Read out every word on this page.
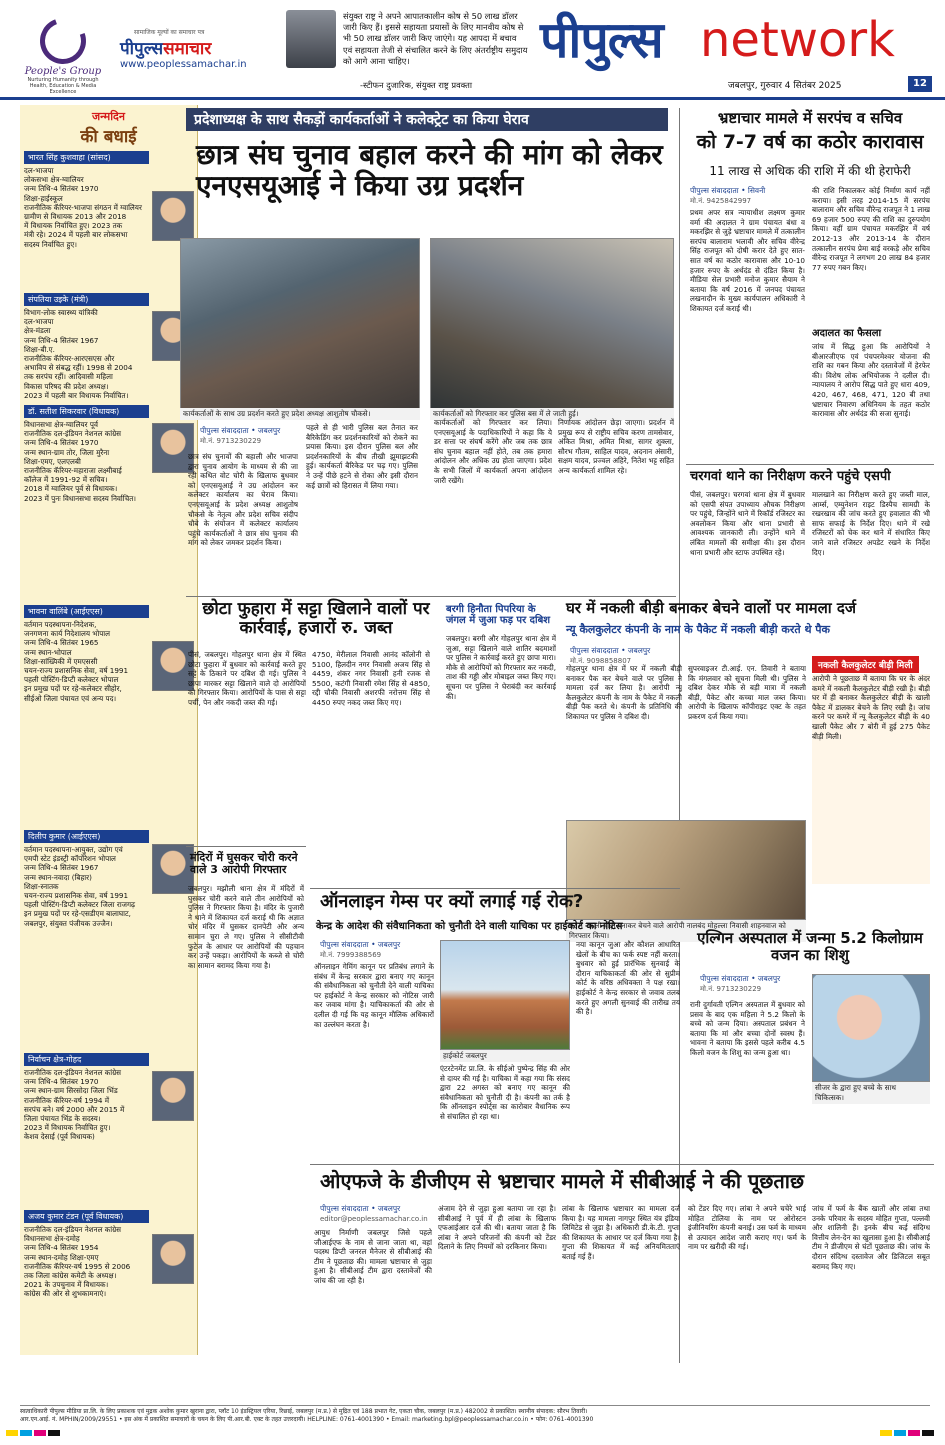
People's Group
Nurturing Humanity through Health, Education & Media Excellence
सामाजिक मूल्यों का समाचार पत्र
पीपुल्ससमाचार
www.peoplessamachar.in
संयुक्त राष्ट्र ने अपने आपातकालीन कोष से 50 लाख डॉलर जारी किए हैं। इससे सहायता प्रयासों के लिए मानवीय कोष से भी 50 लाख डॉलर जारी किए जाएंगे। यह आपदा में बचाव एवं सहायता तेजी से संचालित करने के लिए अंतर्राष्ट्रीय समुदाय को आगे आना चाहिए।
-स्टीफन दुजारिक, संयुक्त राष्ट्र प्रवक्ता
पीपुल्स network
जबलपुर, गुरुवार 4 सितंबर 2025	12
जन्मदिन
की बधाई
भारत सिंह कुशवाहा (सांसद)
दल-भाजपा
लोकसभा क्षेत्र-ग्वालियर
जन्म तिथि-4 सितंबर 1970
शिक्षा-हाईस्कूल
राजनीतिक कॅरियर-भाजपा संगठन में ग्वालियर
ग्रामीण से विधायक 2013 और 2018
में विधायक निर्वाचित हुए। 2023 तक
मंत्री रहे। 2024 में पहली बार लोकसभा
सदस्य निर्वाचित हुए।
संपतिया उइके (मंत्री)
विभाग-लोक स्वास्थ्य यांत्रिकी
दल-भाजपा
क्षेत्र-मंडला
जन्म तिथि-4 सितंबर 1967
शिक्षा-बी.ए.
राजनीतिक कॅरियर-आरएसएस और
अभाविप से संबद्ध रहीं। 1998 से 2004
तक सरपंच रहीं। आदिवासी महिला
विकास परिषद की प्रदेश अध्यक्ष।
2023 में पहली बार विधायक निर्वाचित।
डॉ. सतीश सिकरवार (विधायक)
विधानसभा क्षेत्र-ग्वालियर पूर्व
राजनीतिक दल-इंडियन नेशनल कांग्रेस
जन्म तिथि-4 सितंबर 1970
जन्म स्थान-ग्राम तोर, जिला मुरैना
शिक्षा-एमए, एलएलबी
राजनीतिक कॅरियर-महाराजा लक्ष्मीबाई
कॉलेज में 1991-92 में सचिव।
2018 में ग्वालियर पूर्व से विधायक।
2023 में पुनः विधानसभा सदस्य निर्वाचित।
भावना वालिंबे (आईएएस)
वर्तमान पदस्थापना-निदेशक,
जनगणना कार्य निदेशालय भोपाल
जन्म तिथि-4 सितंबर 1965
जन्म स्थान-भोपाल
शिक्षा-सांख्यिकी में एमएससी
चयन-राज्य प्रशासनिक सेवा, वर्ष 1991
पहली पोस्टिंग-डिप्टी कलेक्टर भोपाल
इन प्रमुख पदों पर रहे-कलेक्टर सीहोर,
सीईओ जिला पंचायत एवं अन्य पद।
दिलीप कुमार (आईएएस)
वर्तमान पदस्थापना-आयुक्त, उद्योग एवं
एमपी स्टेट इंडस्ट्री कॉर्पोरेशन भोपाल
जन्म तिथि-4 सितंबर 1967
जन्म स्थान-नवादा (बिहार)
शिक्षा-स्नातक
चयन-राज्य प्रशासनिक सेवा, वर्ष 1991
पहली पोस्टिंग-डिप्टी कलेक्टर जिला राजगढ़
इन प्रमुख पदों पर रहे-एसडीएम बालाघाट,
जबलपुर, संयुक्त पंजीयक उज्जैन।
निर्वाचन क्षेत्र-गोहद
राजनीतिक दल-इंडियन नेशनल कांग्रेस
जन्म तिथि-4 सितंबर 1970
जन्म स्थान-ग्राम सिरसोदा जिला भिंड
राजनीतिक कॅरियर-वर्ष 1994 में
सरपंच बने। वर्ष 2000 और 2015 में
जिला पंचायत भिंड के सदस्य।
2023 में विधायक निर्वाचित हुए।
केशव देसाई (पूर्व विधायक)
अजय कुमार टंडन (पूर्व विधायक)
राजनीतिक दल-इंडियन नेशनल कांग्रेस
विधानसभा क्षेत्र-दमोह
जन्म तिथि-4 सितंबर 1954
जन्म स्थान-दमोह शिक्षा-एमए
राजनीतिक कॅरियर-वर्ष 1995 से 2006
तक जिला कांग्रेस कमेटी के अध्यक्ष।
2021 के उपचुनाव में विधायक।
कांग्रेस की ओर से शुभकामनाएं।
प्रदेशाध्यक्ष के साथ सैकड़ों कार्यकर्ताओं ने कलेक्ट्रेट का किया घेराव
छात्र संघ चुनाव बहाल करने की मांग को लेकर एनएसयूआई ने किया उग्र प्रदर्शन
कार्यकर्ताओं के साथ उग्र प्रदर्शन करते हुए प्रदेश अध्यक्ष आशुतोष चौकसे।	कार्यकर्ताओं को गिरफ्तार कर पुलिस बस में ले जाती हुई।
पीपुल्स संवाददाता • जबलपुर
मो.नं. 9713230229
छात्र संघ चुनावों की बहाली और भाजपा द्वारा चुनाव आयोग के माध्यम से की जा रही कथित वोट चोरी के खिलाफ बुधवार को एनएसयूआई ने उग्र आंदोलन कर कलेक्टर कार्यालय का घेराव किया। एनएसयूआई के प्रदेश अध्यक्ष आशुतोष चौकसे के नेतृत्व और प्रदेश सचिव संदीप चौबे के संयोजन में कलेक्टर कार्यालय पहुंचे कार्यकर्ताओं ने छात्र संघ चुनाव की मांग को लेकर जमकर प्रदर्शन किया।
पहले से ही भारी पुलिस बल तैनात कर बैरिकेडिंग कर प्रदर्शनकारियों को रोकने का प्रयास किया। इस दौरान पुलिस बल और प्रदर्शनकारियों के बीच तीखी झूमाझटकी हुई। कार्यकर्ता बैरिकेड पर चढ़ गए। पुलिस ने उन्हें पीछे हटने से रोका और इसी दौरान कई छात्रों को हिरासत में लिया गया।
कार्यकर्ताओं को गिरफ्तार कर लिया। एनएसयूआई के पदाधिकारियों ने कहा कि ये डर सत्ता पर संघर्ष करेंगे और जब तक छात्र संघ चुनाव बहाल नहीं होते, तब तक हमारा आंदोलन और अधिक उग्र होता जाएगा। प्रदेश के सभी जिलों में कार्यकर्ता अपना आंदोलन जारी रखेंगे।
निर्णायक आंदोलन छेड़ा जाएगा। प्रदर्शन में प्रमुख रूप से राष्ट्रीय सचिव करण तामसेवार, अंकित मिश्रा, अमित मिश्रा, सागर शुक्ला, सौरभ गौतम, साहिल यादव, अदनान अंसारी, सक्षम यादव, प्रज्वल अहिरे, नितेश भट्ट सहित अन्य कार्यकर्ता शामिल रहे।
भ्रष्टाचार मामले में सरपंच व सचिव
को 7-7 वर्ष का कठोर कारावास
11 लाख से अधिक की राशि में की थी हेराफेरी
पीपुल्स संवाददाता • सिवनी
मो.नं. 9425842997
प्रथम अपर सत्र न्यायाधीश लक्ष्मण कुमार वर्मा की अदालत ने ग्राम पंचायत बंधा व मकरझिर से जुड़े भ्रष्टाचार मामले में तत्कालीन सरपंच बालाराम भलावी और सचिव वीरेन्द्र सिंह राजपूत को दोषी करार देते हुए सात-सात वर्ष का कठोर कारावास और 10-10 हजार रुपए के अर्थदंड से दंडित किया है। मीडिया सेल प्रभारी मनोज कुमार सैयाम ने बताया कि वर्ष 2016 में जनपद पंचायत लखनादौन के मुख्य कार्यपालन अधिकारी ने शिकायत दर्ज कराई थी।
की राशि निकालकर कोई निर्माण कार्य नहीं कराया। इसी तरह 2014-15 में सरपंच बालाराम और सचिव वीरेन्द्र राजपूत ने 1 लाख 69 हजार 500 रुपए की राशि का दुरुपयोग किया। वहीं ग्राम पंचायत मकरझिर में वर्ष 2012-13 और 2013-14 के दौरान तत्कालीन सरपंच प्रेमा बाई वरकड़े और सचिव वीरेन्द्र राजपूत ने लगभग 20 लाख 84 हजार 77 रुपए गबन किए।
अदालत का फैसला
जांच में सिद्ध हुआ कि आरोपियों ने बीआरजीएफ एवं पंचपरमेश्वर योजना की राशि का गबन किया और दस्तावेजों में हेरफेर की। विशेष लोक अभियोजक ने दलील दी। न्यायालय ने आरोप सिद्ध पाते हुए धारा 409, 420, 467, 468, 471, 120 बी तथा भ्रष्टाचार निवारण अधिनियम के तहत कठोर कारावास और अर्थदंड की सजा सुनाई।
चरगवां थाने का निरीक्षण करने पहुंचे एसपी
पीसं, जबलपुर। चरगवां थाना क्षेत्र में बुधवार को एसपी संपत उपाध्याय औचक निरीक्षण पर पहुंचे, जिन्होंने थाने में रिकॉर्ड रजिस्टर का अवलोकन किया और थाना प्रभारी से आवश्यक जानकारी ली। उन्होंने थाने में लंबित मामलों की समीक्षा की। इस दौरान थाना प्रभारी और स्टाफ उपस्थित रहे।
मालखाने का निरीक्षण करते हुए जब्ती माल, आर्म्स, एम्युनेशन राइट डिस्पैच सामग्री के रखरखाव की जांच करते हुए हवालात की भी साफ सफाई के निर्देश दिए। थाने में रखे रजिस्टरों को चेक कर थाने में संधारित किए जाने वाले रजिस्टर अपडेट रखने के निर्देश दिए।
छोटा फुहारा में सट्टा खिलाने वालों पर कार्रवाई, हजारों रु. जब्त
पीसं, जबलपुर। गोहलपुर थाना क्षेत्र में स्थित छोटा फुहारा में बुधवार को कार्रवाई करते हुए सट्टे के ठिकाने पर दबिश दी गई। पुलिस ने छापा मारकर सट्टा खिलाने वाले दो आरोपियों को गिरफ्तार किया। आरोपियों के पास से सट्टा पर्ची, पेन और नकदी जब्त की गई।
4750, मेरीलाल निवासी आनंद कॉलोनी से 5100, हिलदीन नगर निवासी अजय सिंह से 4459, शंकर नगर निवासी हनी रजक से 5500, कटंगी निवासी रमेश सिंह से 4850, रद्दी चौकी निवासी अशरफी नरोत्तम सिंह से 4450 रुपए नकद जब्त किए गए।
बरगी हिनौता पिपरिया के जंगल में जुआ फड़ पर दबिश
जबलपुर। बरगी और गोहलपुर थाना क्षेत्र में जुआ, सट्टा खिलाने वाले शातिर बदमाशों पर पुलिस ने कार्रवाई करते हुए छापा मारा। मौके से आरोपियों को गिरफ्तार कर नकदी, ताश की गड्डी और मोबाइल जब्त किए गए। सूचना पर पुलिस ने घेराबंदी कर कार्रवाई की।
मंदिरों में घुसकर चोरी करने वाले 3 आरोपी गिरफ्तार
जबलपुर। मझौली थाना क्षेत्र में मंदिरों में घुसकर चोरी करने वाले तीन आरोपियों को पुलिस ने गिरफ्तार किया है। मंदिर के पुजारी ने थाने में शिकायत दर्ज कराई थी कि अज्ञात चोर मंदिर में घुसकर दानपेटी और अन्य सामान चुरा ले गए। पुलिस ने सीसीटीवी फुटेज के आधार पर आरोपियों की पहचान कर उन्हें पकड़ा। आरोपियों के कब्जे से चोरी का सामान बरामद किया गया है।
घर में नकली बीड़ी बनाकर बेचने वालों पर मामला दर्ज
न्यू कैलकुलेटर कंपनी के नाम के पैकेट में नकली बीड़ी करते थे पैक
पीपुल्स संवाददाता • जबलपुर
मो.नं. 9098858807
गोहलपुर थाना क्षेत्र में घर में नकली बीड़ी बनाकर पैक कर बेचने वाले पर पुलिस ने मामला दर्ज कर लिया है। आरोपी न्यू कैलकुलेटर कंपनी के नाम के पैकेट में नकली बीड़ी पैक करते थे। कंपनी के प्रतिनिधि की शिकायत पर पुलिस ने दबिश दी।
सुपरवाइजर टी.आई. एन. तिवारी ने बताया कि मंगलवार को सूचना मिली थी। पुलिस ने दबिश देकर मौके से बड़ी मात्रा में नकली बीड़ी, पैकेट और कच्चा माल जब्त किया। आरोपी के खिलाफ कॉपीराइट एक्ट के तहत प्रकरण दर्ज किया गया।
नकली कैलकुलेटर बीड़ी मिली
आरोपी ने पूछताछ में बताया कि घर के अंदर कमरे में नकली कैलकुलेटर बीड़ी रखी है। बीड़ी घर में ही बनाकर कैलकुलेटर बीड़ी के खाली पैकेट में डालकर बेचने के लिए रखी है। जांच करने पर कमरे में न्यू कैलकुलेटर बीड़ी के 40 खाली पैकेट और 7 बोरी में हुई 275 पैकेट बीड़ी मिली।
घर में नकली बीड़ी बनाकर बेचने वाले आरोपी नालबंद मोहल्ला निवासी शाहनवाज को गिरफ्तार किया।
ऑनलाइन गेम्स पर क्यों लगाई गई रोक?
केन्द्र के आदेश की संवैधानिकता को चुनौती देने वाली याचिका पर हाईकोर्ट का नोटिस
पीपुल्स संवाददाता • जबलपुर
मो.नं. 7999388569
ऑनलाइन गेमिंग कानून पर प्रतिबंध लगाने के संबंध में केन्द्र सरकार द्वारा बनाए गए कानून की संवैधानिकता को चुनौती देने वाली याचिका पर हाईकोर्ट ने केन्द्र सरकार को नोटिस जारी कर जवाब मांगा है। याचिकाकर्ता की ओर से दलील दी गई कि यह कानून मौलिक अधिकारों का उल्लंघन करता है।
हाईकोर्ट जबलपुर
एंटरटेनमेंट प्रा.लि. के सीईओ पुष्पेन्द्र सिंह की ओर से दायर की गई है। याचिका में कहा गया कि संसद द्वारा 22 अगस्त को बनाए गए कानून की संवैधानिकता को चुनौती दी है। कंपनी का तर्क है कि ऑनलाइन स्पोर्ट्स का कारोबार वैधानिक रूप से संचालित हो रहा था।
नया कानून जुआ और कौशल आधारित खेलों के बीच का फर्क स्पष्ट नहीं करता। बुधवार को हुई प्रारंभिक सुनवाई के दौरान याचिकाकर्ता की ओर से सुप्रीम कोर्ट के वरिष्ठ अधिवक्ता ने पक्ष रखा। हाईकोर्ट ने केन्द्र सरकार से जवाब तलब करते हुए अगली सुनवाई की तारीख तय की है।
एल्गिन अस्पताल में जन्मा 5.2 किलोग्राम वजन का शिशु
पीपुल्स संवाददाता • जबलपुर
मो.नं. 9713230229
रानी दुर्गावती एल्गिन अस्पताल में बुधवार को प्रसव के बाद एक महिला ने 5.2 किलो के बच्चे को जन्म दिया। अस्पताल प्रबंधन ने बताया कि मां और बच्चा दोनों स्वस्थ हैं। भावना ने बताया कि इससे पहले करीब 4.5 किलो वजन के शिशु का जन्म हुआ था।
सीजर के द्वारा हुए बच्चे के साथ चिकित्सक।
ओएफजे के डीजीएम से भ्रष्टाचार मामले में सीबीआई ने की पूछताछ
पीपुल्स संवाददाता • जबलपुर
editor@peoplessamachar.co.in
आयुध निर्माणी जबलपुर जिसे पहले जीआईएफ के नाम से जाना जाता था, वहां पदस्थ डिप्टी जनरल मैनेजर से सीबीआई की टीम ने पूछताछ की। मामला भ्रष्टाचार से जुड़ा हुआ है। सीबीआई टीम द्वारा दस्तावेजों की जांच की जा रही है।
अंजाम देने से जुड़ा हुआ बताया जा रहा है। सीबीआई ने पूर्व में ही लांबा के खिलाफ एफआईआर दर्ज की थी। बताया जाता है कि लांबा ने अपने परिजनों की कंपनी को टेंडर दिलाने के लिए नियमों को दरकिनार किया।
लांबा के खिलाफ भ्रष्टाचार का मामला दर्ज किया है। यह मामला नागपुर स्थित यंत्र इंडिया लिमिटेड से जुड़ा है। अधिकारी डी.के.टी. गुप्ता की शिकायत के आधार पर दर्ज किया गया है। गुप्ता की शिकायत में कई अनियमितताएं बताई गई हैं।
को टेंडर दिए गए। लांबा ने अपने चचेरे भाई मोहित टोलिया के नाम पर ओरोस्टन इंजीनियरिंग कंपनी बनाई। उस फर्म के माध्यम से उत्पादन आदेश जारी कराए गए। फर्म के नाम पर खरीदी की गई।
जांच में फर्म के बैंक खातों और लांबा तथा उनके परिवार के सदस्य मोहित गुप्ता, पल्लवी और शालिनी हैं। इनके बीच कई संदिग्ध वित्तीय लेन-देन का खुलासा हुआ है। सीबीआई टीम ने डीजीएम से घंटों पूछताछ की। जांच के दौरान संदिग्ध दस्तावेज और डिजिटल सबूत बरामद किए गए।
स्वत्वाधिकारी पीपुल्स मीडिया प्रा.लि. के लिए प्रकाशक एवं मुद्रक अशोक कुमार खुराना द्वारा, प्लॉट 10 इंडस्ट्रियल एरिया, रिछाई, जबलपुर (म.प्र.) से मुद्रित एवं 188 प्रभात गेट, एकता चौक, जबलपुर (म.प्र.) 482002 से प्रकाशित। स्थानीय संपादक: सौरभ तिवारी।
आर.एन.आई. नं. MPHIN/2009/29551 • इस अंक में प्रकाशित समाचारों के चयन के लिए पी.आर.बी. एक्ट के तहत उत्तरदायी। HELPLINE: 0761-4001390 • Email: marketing.bpl@peoplessamachar.co.in • फोन: 0761-4001390
